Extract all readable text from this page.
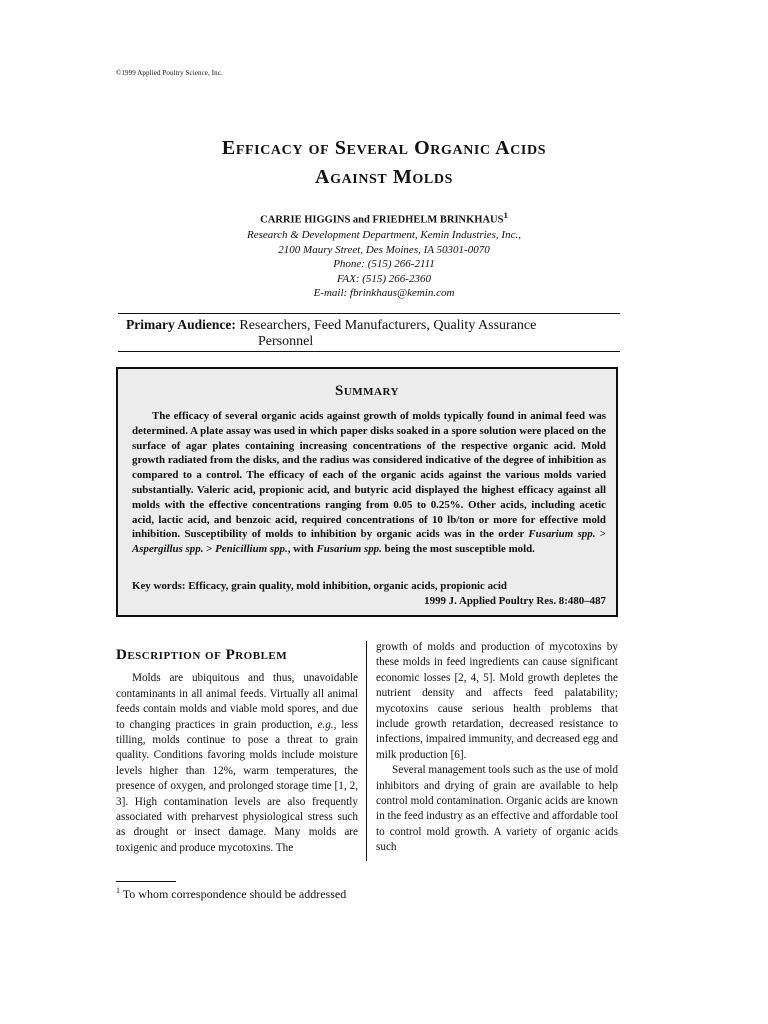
©1999 Applied Poultry Science, Inc.
Efficacy of Several Organic Acids
Against Molds
CARRIE HIGGINS and FRIEDHELM BRINKHAUS$^1$
Research & Development Department, Kemin Industries, Inc.,
2100 Maury Street, Des Moines, IA 50301-0070
Phone: (515) 266-2111
FAX: (515) 266-2360
E-mail: fbrinkhaus@kemin.com
Primary Audience: Researchers, Feed Manufacturers, Quality Assurance
Personnel
Summary
The efficacy of several organic acids against growth of molds typically found in animal feed was determined. A plate assay was used in which paper disks soaked in a spore solution were placed on the surface of agar plates containing increasing concentrations of the respective organic acid. Mold growth radiated from the disks, and the radius was considered indicative of the degree of inhibition as compared to a control. The efficacy of each of the organic acids against the various molds varied substantially. Valeric acid, propionic acid, and butyric acid displayed the highest efficacy against all molds with the effective concentrations ranging from 0.05 to 0.25%. Other acids, including acetic acid, lactic acid, and benzoic acid, required concentrations of 10 lb/ton or more for effective mold inhibition. Susceptibility of molds to inhibition by organic acids was in the order Fusarium spp. > Aspergillus spp. > Penicillium spp., with Fusarium spp. being the most susceptible mold.
Key words: Efficacy, grain quality, mold inhibition, organic acids, propionic acid
1999 J. Applied Poultry Res. 8:480–487
Description of Problem

Molds are ubiquitous and thus, unavoidable contaminants in all animal feeds. Virtually all animal feeds contain molds and viable mold spores, and due to changing practices in grain production, e.g., less tilling, molds continue to pose a threat to grain quality. Conditions favoring molds include moisture levels higher than 12%, warm temperatures, the presence of oxygen, and prolonged storage time [1, 2, 3]. High contamination levels are also frequently associated with preharvest physiological stress such as drought or insect damage. Many molds are toxigenic and produce mycotoxins. The

growth of molds and production of mycotoxins by these molds in feed ingredients can cause significant economic losses [2, 4, 5]. Mold growth depletes the nutrient density and affects feed palatability; mycotoxins cause serious health problems that include growth retardation, decreased resistance to infections, impaired immunity, and decreased egg and milk production [6].

Several management tools such as the use of mold inhibitors and drying of grain are available to help control mold contamination. Organic acids are known in the feed industry as an effective and affordable tool to control mold growth. A variety of organic acids such

$^1$ To whom correspondence should be addressed
